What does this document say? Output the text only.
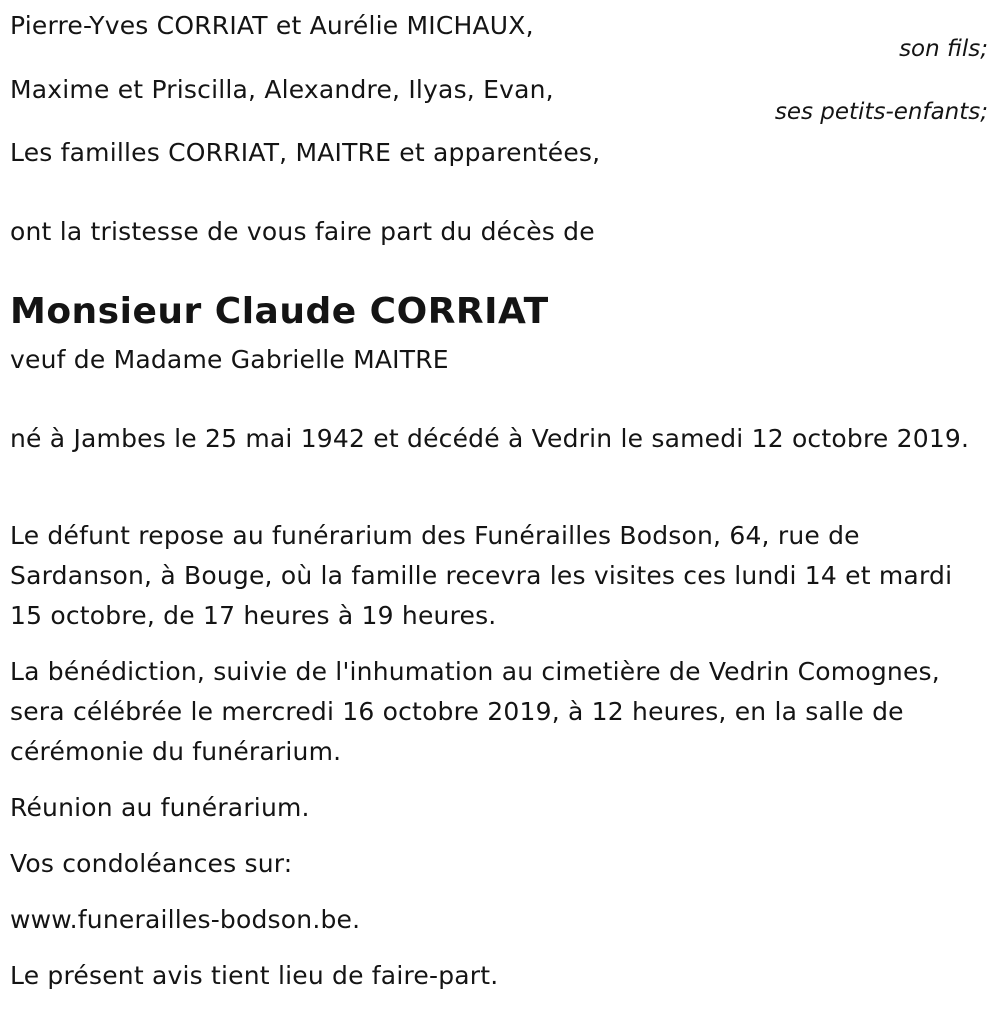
Pierre-Yves CORRIAT et Aurélie MICHAUX,
son fils;
Maxime et Priscilla, Alexandre, Ilyas, Evan,
ses petits-enfants;
Les familles CORRIAT, MAITRE et apparentées,
ont la tristesse de vous faire part du décès de
Monsieur Claude CORRIAT
veuf de Madame Gabrielle MAITRE
né à Jambes le 25 mai 1942 et décédé à Vedrin le samedi 12 octobre 2019.
Le défunt repose au funérarium des Funérailles Bodson, 64, rue de Sardanson, à Bouge, où la famille recevra les visites ces lundi 14 et mardi 15 octobre, de 17 heures à 19 heures.
La bénédiction, suivie de l'inhumation au cimetière de Vedrin Comognes, sera célébrée le mercredi 16 octobre 2019, à 12 heures, en la salle de cérémonie du funérarium.
Réunion au funérarium.
Vos condoléances sur:
www.funerailles-bodson.be.
Le présent avis tient lieu de faire-part.
